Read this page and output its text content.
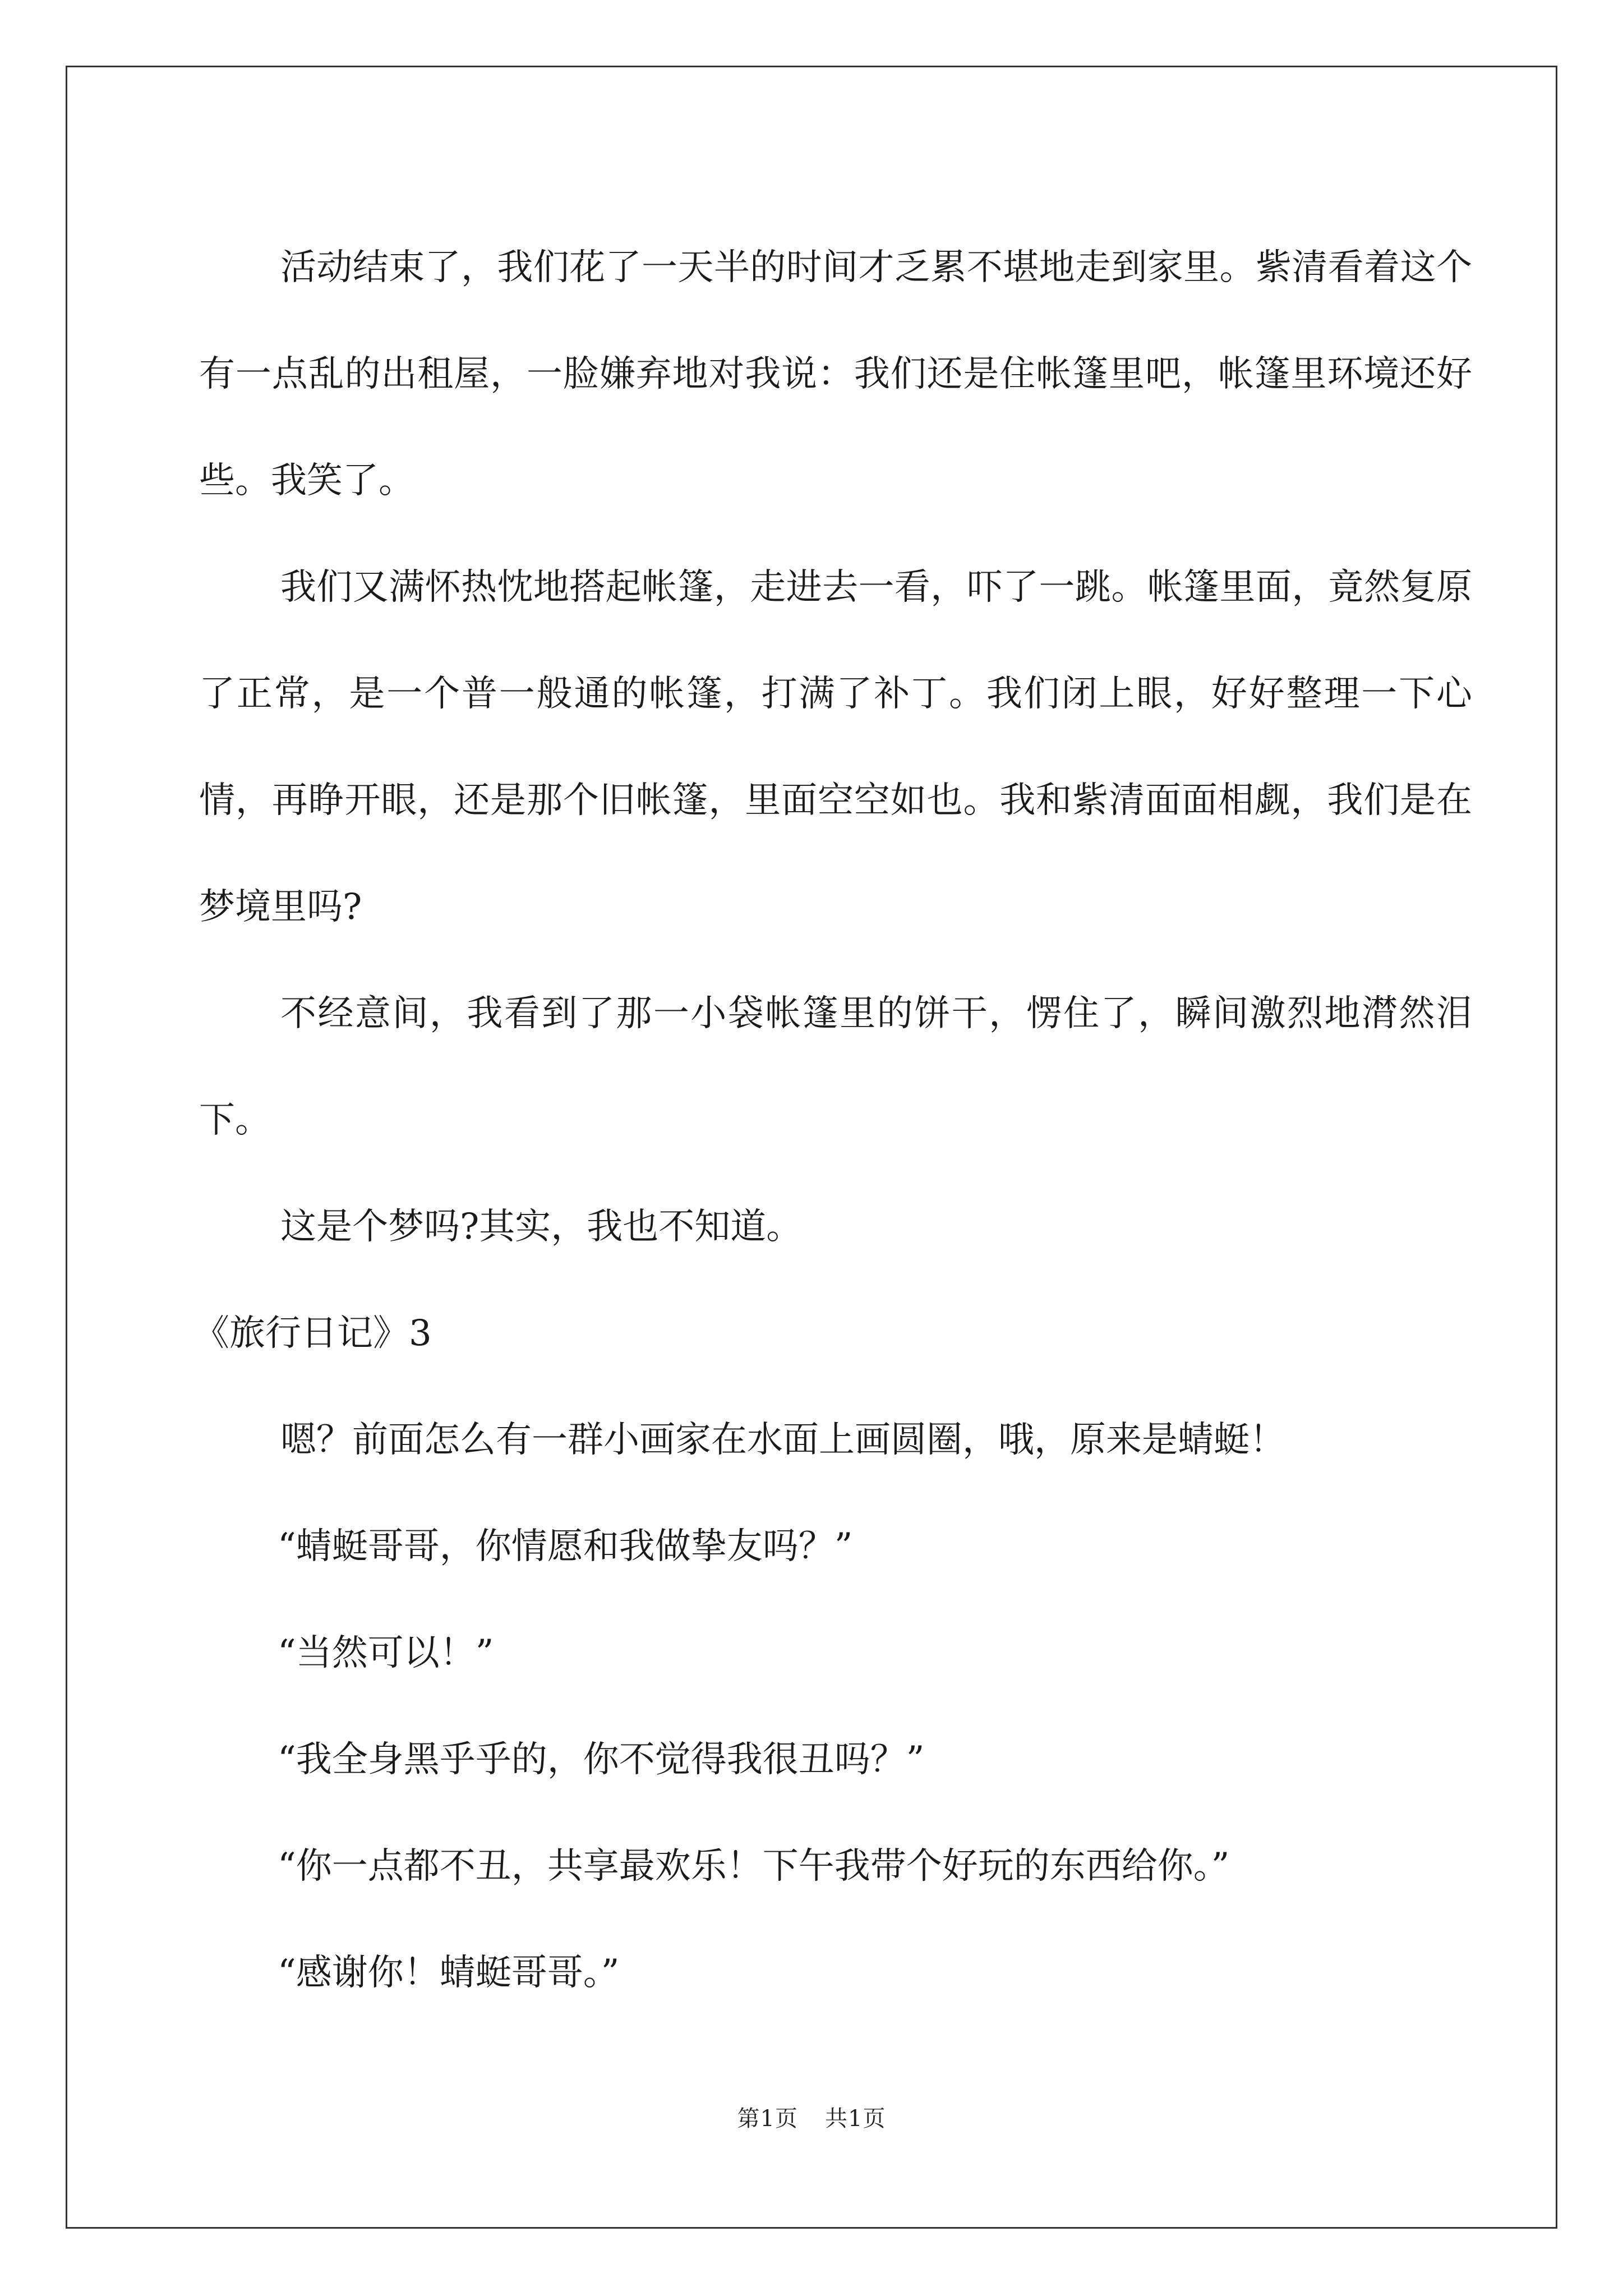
活动结束了，我们花了一天半的时间才乏累不堪地走到家里。紫清看着这个有一点乱的出租屋，一脸嫌弃地对我说：我们还是住帐篷里吧，帐篷里环境还好些。我笑了。

我们又满怀热忱地搭起帐篷，走进去一看，吓了一跳。帐篷里面，竟然复原了正常，是一个普一般通的帐篷，打满了补丁。我们闭上眼，好好整理一下心情，再睁开眼，还是那个旧帐篷，里面空空如也。我和紫清面面相觑，我们是在梦境里吗?

不经意间，我看到了那一小袋帐篷里的饼干，愣住了，瞬间激烈地潸然泪下。

这是个梦吗?其实，我也不知道。

《旅行日记》3

嗯？前面怎么有一群小画家在水面上画圆圈，哦，原来是蜻蜓！

“蜻蜓哥哥，你情愿和我做挚友吗？”

“当然可以！”

“我全身黑乎乎的，你不觉得我很丑吗？”

“你一点都不丑，共享最欢乐！下午我带个好玩的东西给你。”

“感谢你！蜻蜓哥哥。”

第1页 共1页
